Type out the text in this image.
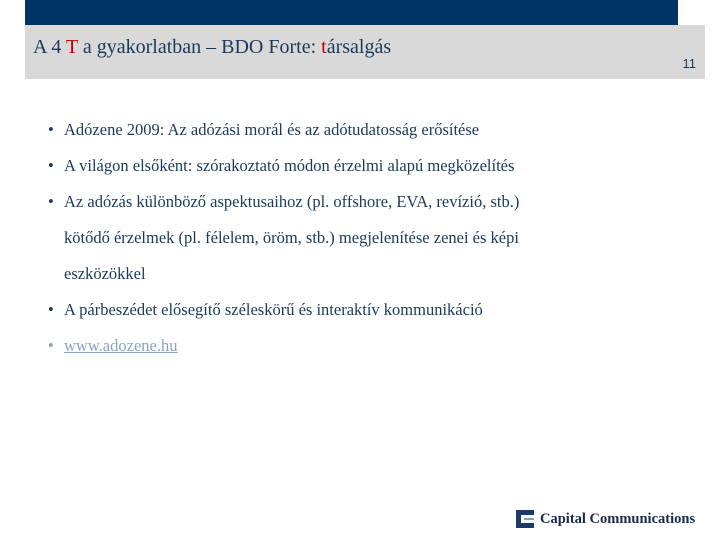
A 4 T a gyakorlatban – BDO Forte: társalgás
11
• Adózene 2009: Az adózási morál és az adótudatosság erősítése
• A világon elsőként: szórakoztató módon érzelmi alapú megközelítés
• Az adózás különböző aspektusaihoz (pl. offshore, EVA, revízió, stb.)
kötődő érzelmek (pl. félelem, öröm, stb.) megjelenítése zenei és képi
eszközökkel
• A párbeszédet elősegítő széleskörű és interaktív kommunikáció
• www.adozene.hu
Capital Communications
